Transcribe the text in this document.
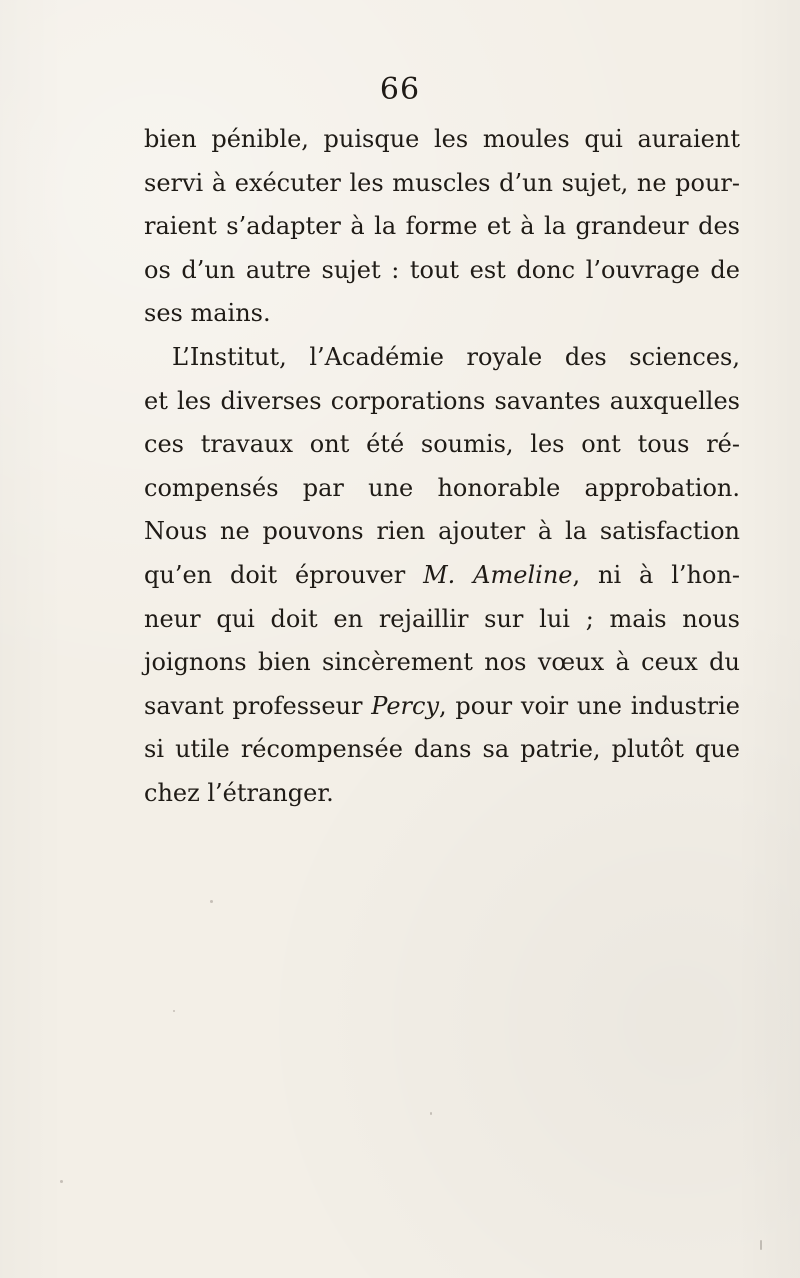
66
bien pénible, puisque les moules qui auraient
servi à exécuter les muscles d’un sujet, ne pour-
raient s’adapter à la forme et à la grandeur des
os d’un autre sujet : tout est donc l’ouvrage de
ses mains.
L’Institut, l’Académie royale des sciences,
et les diverses corporations savantes auxquelles
ces travaux ont été soumis, les ont tous ré-
compensés par une honorable approbation.
Nous ne pouvons rien ajouter à la satisfaction
qu’en doit éprouver M. Ameline, ni à l’hon-
neur qui doit en rejaillir sur lui ; mais nous
joignons bien sincèrement nos vœux à ceux du
savant professeur Percy, pour voir une industrie
si utile récompensée dans sa patrie, plutôt que
chez l’étranger.
